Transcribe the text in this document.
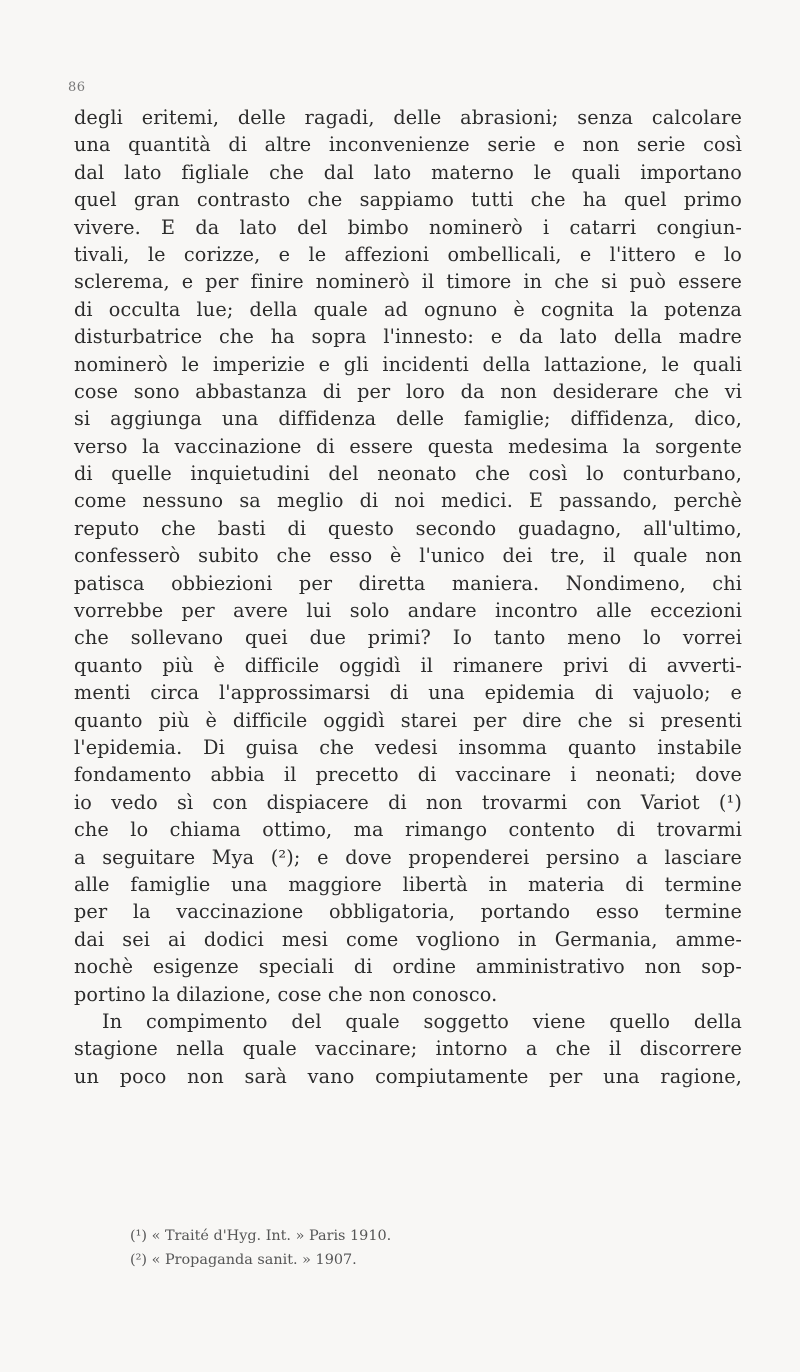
86
degli eritemi, delle ragadi, delle abrasioni; senza calcolare
una quantità di altre inconvenienze serie e non serie così
dal lato figliale che dal lato materno le quali importano
quel gran contrasto che sappiamo tutti che ha quel primo
vivere. E da lato del bimbo nominerò i catarri congiun-
tivali, le corizze, e le affezioni ombellicali, e l'ittero e lo
sclerema, e per finire nominerò il timore in che si può essere
di occulta lue; della quale ad ognuno è cognita la potenza
disturbatrice che ha sopra l'innesto: e da lato della madre
nominerò le imperizie e gli incidenti della lattazione, le quali
cose sono abbastanza di per loro da non desiderare che vi
si aggiunga una diffidenza delle famiglie; diffidenza, dico,
verso la vaccinazione di essere questa medesima la sorgente
di quelle inquietudini del neonato che così lo conturbano,
come nessuno sa meglio di noi medici. E passando, perchè
reputo che basti di questo secondo guadagno, all'ultimo,
confesserò subito che esso è l'unico dei tre, il quale non
patisca obbiezioni per diretta maniera. Nondimeno, chi
vorrebbe per avere lui solo andare incontro alle eccezioni
che sollevano quei due primi? Io tanto meno lo vorrei
quanto più è difficile oggidì il rimanere privi di avverti-
menti circa l'approssimarsi di una epidemia di vajuolo; e
quanto più è difficile oggidì starei per dire che si presenti
l'epidemia. Di guisa che vedesi insomma quanto instabile
fondamento abbia il precetto di vaccinare i neonati; dove
io vedo sì con dispiacere di non trovarmi con Variot (¹)
che lo chiama ottimo, ma rimango contento di trovarmi
a seguitare Mya (²); e dove propenderei persino a lasciare
alle famiglie una maggiore libertà in materia di termine
per la vaccinazione obbligatoria, portando esso termine
dai sei ai dodici mesi come vogliono in Germania, ammе-
nochè esigenze speciali di ordine amministrativo non sop-
portino la dilazione, cose che non conosco.
In compimento del quale soggetto viene quello della
stagione nella quale vaccinare; intorno a che il discorrere
un poco non sarà vano compiutamente per una ragione,
(¹) « Traité d'Hyg. Int. » Paris 1910.
(²) « Propaganda sanit. » 1907.
